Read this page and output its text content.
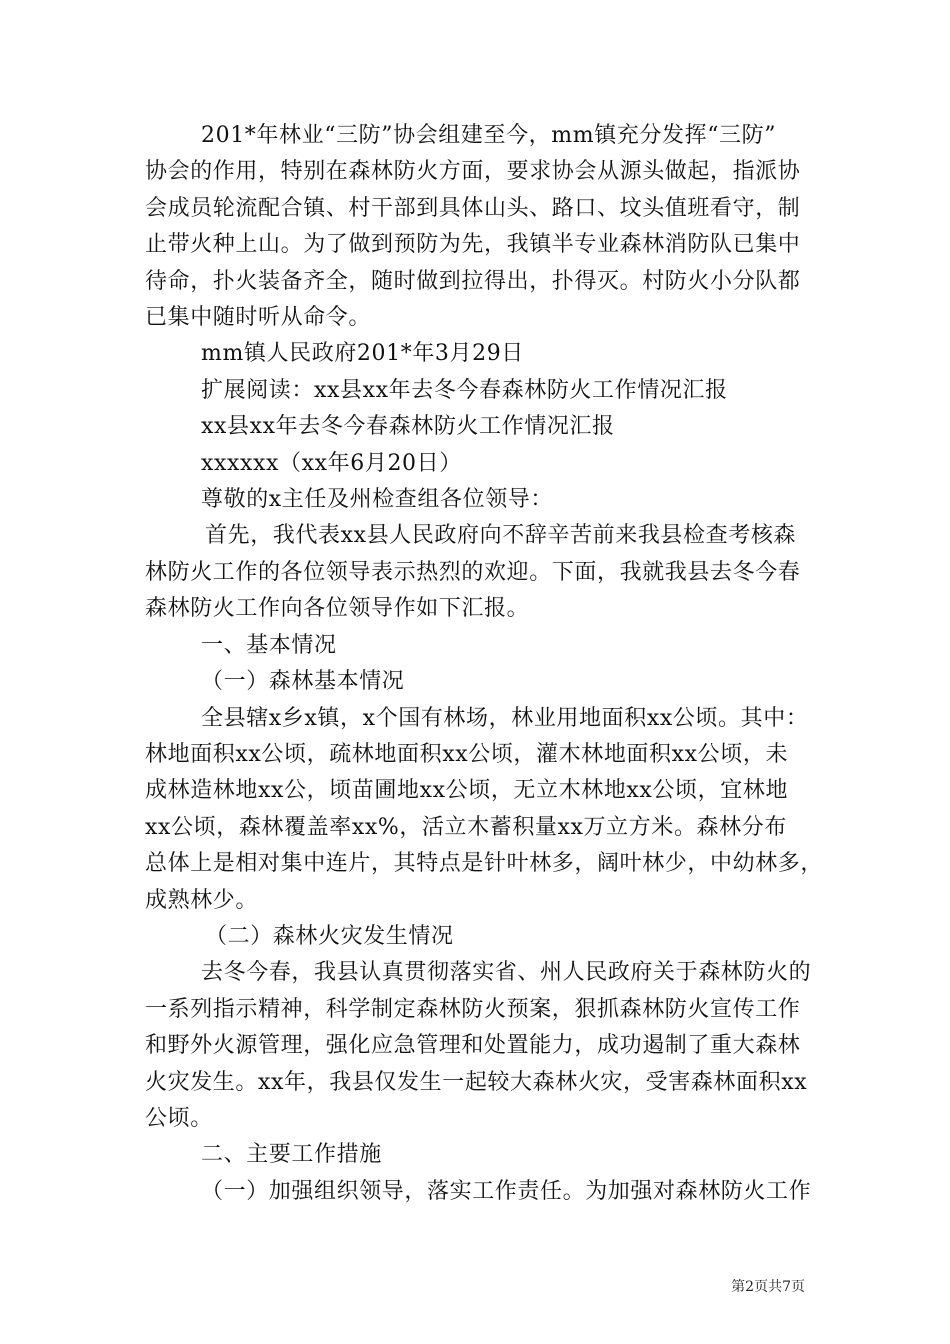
201*年林业“三防”协会组建至今，mm镇充分发挥“三防”

协会的作用，特别在森林防火方面，要求协会从源头做起，指派协

会成员轮流配合镇、村干部到具体山头、路口、坟头值班看守，制

止带火种上山。为了做到预防为先，我镇半专业森林消防队已集中

待命，扑火装备齐全，随时做到拉得出，扑得灭。村防火小分队都

已集中随时听从命令。

mm镇人民政府201*年3月29日

扩展阅读：xx县xx年去冬今春森林防火工作情况汇报

xx县xx年去冬今春森林防火工作情况汇报

xxxxxx（xx年6月20日）

尊敬的x主任及州检查组各位领导：

首先，我代表xx县人民政府向不辞辛苦前来我县检查考核森

林防火工作的各位领导表示热烈的欢迎。下面，我就我县去冬今春

森林防火工作向各位领导作如下汇报。

一、基本情况

（一）森林基本情况

全县辖x乡x镇，x个国有林场，林业用地面积xx公顷。其中：

林地面积xx公顷，疏林地面积xx公顷，灌木林地面积xx公顷，未

成林造林地xx公，顷苗圃地xx公顷，无立木林地xx公顷，宜林地

xx公顷，森林覆盖率xx%，活立木蓄积量xx万立方米。森林分布

总体上是相对集中连片，其特点是针叶林多，阔叶林少，中幼林多，

成熟林少。

（二）森林火灾发生情况

去冬今春，我县认真贯彻落实省、州人民政府关于森林防火的

一系列指示精神，科学制定森林防火预案，狠抓森林防火宣传工作

和野外火源管理，强化应急管理和处置能力，成功遏制了重大森林

火灾发生。xx年，我县仅发生一起较大森林火灾，受害森林面积xx

公顷。

二、主要工作措施

（一）加强组织领导，落实工作责任。为加强对森林防火工作

第2页共7页
